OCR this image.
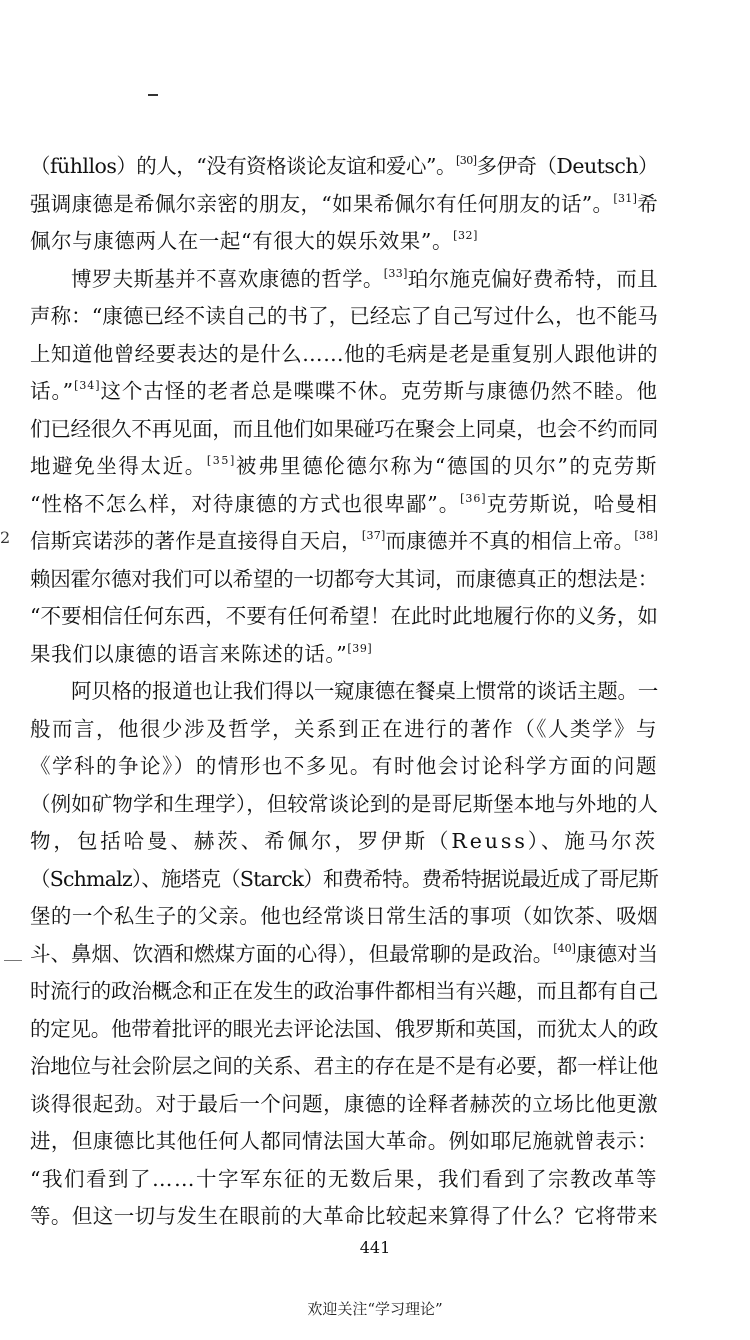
2
（fühllos）的人，“没有资格谈论友谊和爱心”。[30]多伊奇（Deutsch）
强调康德是希佩尔亲密的朋友，“如果希佩尔有任何朋友的话”。[31]希
佩尔与康德两人在一起“有很大的娱乐效果”。[32]
博罗夫斯基并不喜欢康德的哲学。[33]珀尔施克偏好费希特，而且
声称：“康德已经不读自己的书了，已经忘了自己写过什么，也不能马
上知道他曾经要表达的是什么……他的毛病是老是重复别人跟他讲的
话。”[34]这个古怪的老者总是喋喋不休。克劳斯与康德仍然不睦。他
们已经很久不再见面，而且他们如果碰巧在聚会上同桌，也会不约而同
地避免坐得太近。[35]被弗里德伦德尔称为“德国的贝尔”的克劳斯
“性格不怎么样，对待康德的方式也很卑鄙”。[36]克劳斯说，哈曼相
信斯宾诺莎的著作是直接得自天启，[37]而康德并不真的相信上帝。[38]
赖因霍尔德对我们可以希望的一切都夸大其词，而康德真正的想法是：
“不要相信任何东西，不要有任何希望！在此时此地履行你的义务，如
果我们以康德的语言来陈述的话。”[39]
阿贝格的报道也让我们得以一窥康德在餐桌上惯常的谈话主题。一
般而言，他很少涉及哲学，关系到正在进行的著作（《人类学》与
《学科的争论》）的情形也不多见。有时他会讨论科学方面的问题
（例如矿物学和生理学），但较常谈论到的是哥尼斯堡本地与外地的人
物，包括哈曼、赫茨、希佩尔，罗伊斯（Reuss）、施马尔茨
（Schmalz）、施塔克（Starck）和费希特。费希特据说最近成了哥尼斯
堡的一个私生子的父亲。他也经常谈日常生活的事项（如饮茶、吸烟
斗、鼻烟、饮酒和燃煤方面的心得），但最常聊的是政治。[40]康德对当
时流行的政治概念和正在发生的政治事件都相当有兴趣，而且都有自己
的定见。他带着批评的眼光去评论法国、俄罗斯和英国，而犹太人的政
治地位与社会阶层之间的关系、君主的存在是不是有必要，都一样让他
谈得很起劲。对于最后一个问题，康德的诠释者赫茨的立场比他更激
进，但康德比其他任何人都同情法国大革命。例如耶尼施就曾表示：
“我们看到了……十字军东征的无数后果，我们看到了宗教改革等
等。但这一切与发生在眼前的大革命比较起来算得了什么？它将带来
441
欢迎关注“学习理论”
